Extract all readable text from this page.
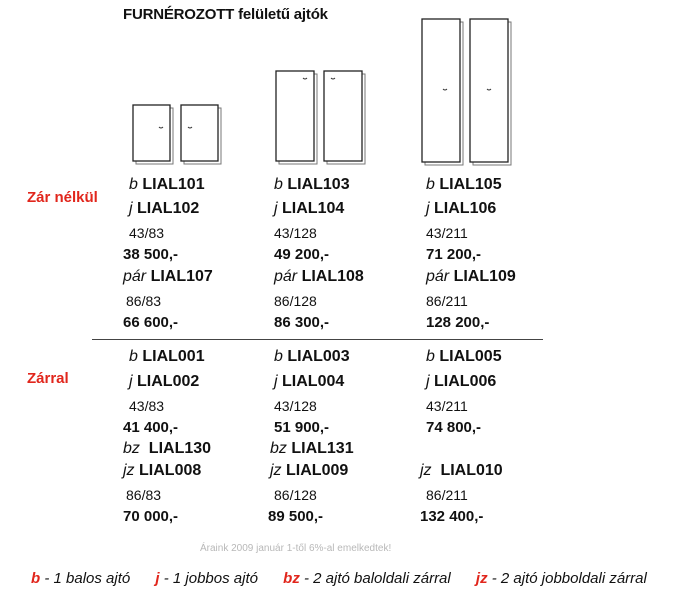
FURNÉROZOTT felületű ajtók
Zár nélkül
Zárral
b LIAL101
j LIAL102
43/83
38 500,-
pár LIAL107
86/83
66 600,-
b LIAL103
j LIAL104
43/128
49 200,-
pár LIAL108
86/128
86 300,-
b LIAL105
j LIAL106
43/211
71 200,-
pár LIAL109
86/211
128 200,-
b LIAL001
j LIAL002
43/83
41 400,-
bz LIAL130
jz LIAL008
86/83
70 000,-
b LIAL003
j LIAL004
43/128
51 900,-
bz LIAL131
jz LIAL009
86/128
89 500,-
b LIAL005
j LIAL006
43/211
74 800,-
jz LIAL010
86/211
132 400,-
Áraink 2009 január 1-től 6%-al emelkedtek!
b - 1 balos ajtó j - 1 jobbos ajtó bz - 2 ajtó baloldali zárral jz - 2 ajtó jobboldali zárral
